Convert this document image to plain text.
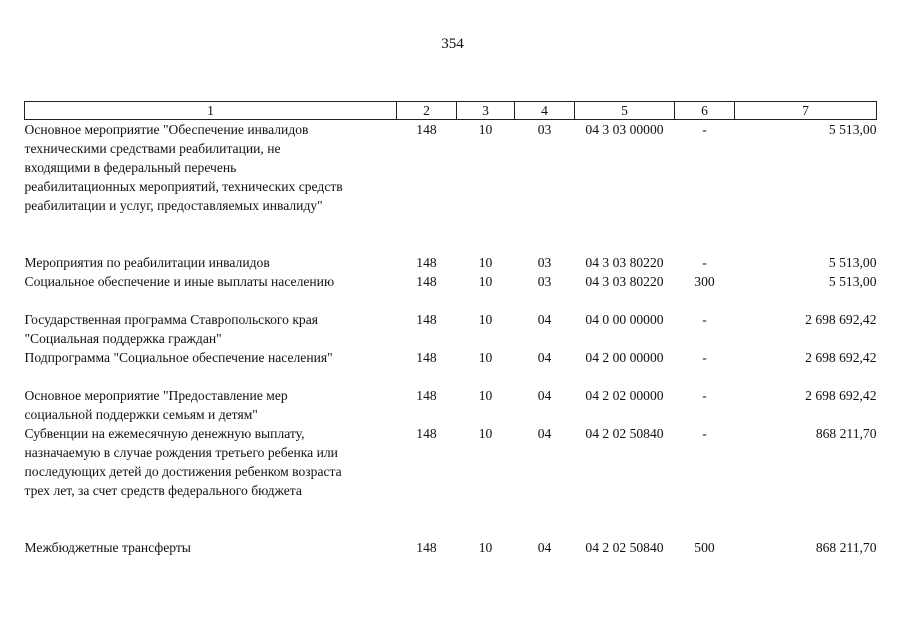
354
1	2	3	4	5	6	7

Основное мероприятие "Обеспечение инвалидов
техническими средствами реабилитации, не
входящими в федеральный перечень
реабилитационных мероприятий, технических средств
реабилитации и услуг, предоставляемых инвалиду"	148	10	03	04 3 03 00000	-	5 513,00

Мероприятия по реабилитации инвалидов	148	10	03	04 3 03 80220	-	5 513,00

Социальное обеспечение и иные выплаты населению	148	10	03	04 3 03 80220	300	5 513,00

Государственная программа Ставропольского края
"Социальная поддержка граждан"	148	10	04	04 0 00 00000	-	2 698 692,42

Подпрограмма "Социальное обеспечение населения"	148	10	04	04 2 00 00000	-	2 698 692,42

Основное мероприятие "Предоставление мер
социальной поддержки семьям и детям"	148	10	04	04 2 02 00000	-	2 698 692,42

Субвенции на ежемесячную денежную выплату,
назначаемую в случае рождения третьего ребенка или
последующих детей до достижения ребенком возраста
трех лет, за счет средств федерального бюджета	148	10	04	04 2 02 50840	-	868 211,70

Межбюджетные трансферты	148	10	04	04 2 02 50840	500	868 211,70
